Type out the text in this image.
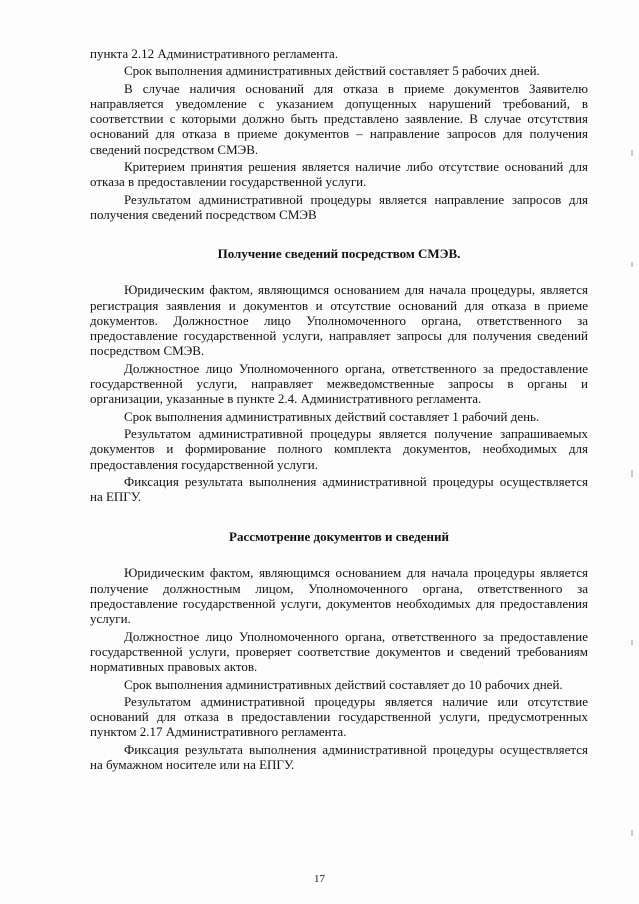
пункта 2.12 Административного регламента.

Срок выполнения административных действий составляет 5 рабочих дней.

В случае наличия оснований для отказа в приеме документов Заявителю направляется уведомление с указанием допущенных нарушений требований, в соответствии с которыми должно быть представлено заявление. В случае отсутствия оснований для отказа в приеме документов – направление запросов для получения сведений посредством СМЭВ.

Критерием принятия решения является наличие либо отсутствие оснований для отказа в предоставлении государственной услуги.

Результатом административной процедуры является направление запросов для получения сведений посредством СМЭВ

Получение сведений посредством СМЭВ.

Юридическим фактом, являющимся основанием для начала процедуры, является регистрация заявления и документов и отсутствие оснований для отказа в приеме документов. Должностное лицо Уполномоченного органа, ответственного за предоставление государственной услуги, направляет запросы для получения сведений посредством СМЭВ.

Должностное лицо Уполномоченного органа, ответственного за предоставление государственной услуги, направляет межведомственные запросы в органы и организации, указанные в пункте 2.4. Административного регламента.

Срок выполнения административных действий составляет 1 рабочий день.

Результатом административной процедуры является получение запрашиваемых документов и формирование полного комплекта документов, необходимых для предоставления государственной услуги.

Фиксация результата выполнения административной процедуры осуществляется на ЕПГУ.

Рассмотрение документов и сведений

Юридическим фактом, являющимся основанием для начала процедуры является получение должностным лицом, Уполномоченного органа, ответственного за предоставление государственной услуги, документов необходимых для предоставления услуги.

Должностное лицо Уполномоченного органа, ответственного за предоставление государственной услуги, проверяет соответствие документов и сведений требованиям нормативных правовых актов.

Срок выполнения административных действий составляет до 10 рабочих дней.

Результатом административной процедуры является наличие или отсутствие оснований для отказа в предоставлении государственной услуги, предусмотренных пунктом 2.17 Административного регламента.

Фиксация результата выполнения административной процедуры осуществляется на бумажном носителе или на ЕПГУ.

17
